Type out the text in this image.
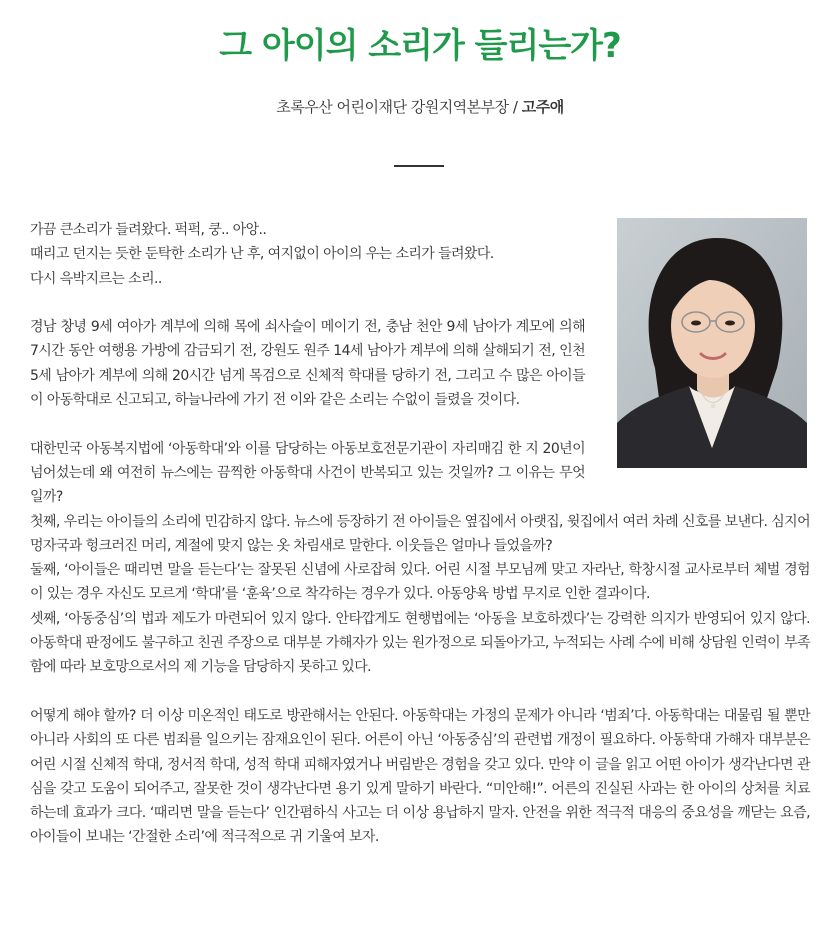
그 아이의 소리가 들리는가?
초록우산 어린이재단 강원지역본부장 / 고주애

가끔 큰소리가 들려왔다. 퍽퍽, 쿵.. 아앙..

때리고 던지는 듯한 둔탁한 소리가 난 후, 여지없이 아이의 우는 소리가 들려왔다.

다시 윽박지르는 소리..

경남 창녕 9세 여아가 계부에 의해 목에 쇠사슬이 메이기 전, 충남 천안 9세 남아가 계모에 의해 7시간 동안 여행용 가방에 감금되기 전, 강원도 원주 14세 남아가 계부에 의해 살해되기 전, 인천 5세 남아가 계부에 의해 20시간 넘게 목검으로 신체적 학대를 당하기 전, 그리고 수 많은 아이들이 아동학대로 신고되고, 하늘나라에 가기 전 이와 같은 소리는 수없이 들렸을 것이다.

대한민국 아동복지법에 ‘아동학대’와 이를 담당하는 아동보호전문기관이 자리매김 한 지 20년이 넘어섰는데 왜 여전히 뉴스에는 끔찍한 아동학대 사건이 반복되고 있는 것일까? 그 이유는 무엇일까?

첫째, 우리는 아이들의 소리에 민감하지 않다. 뉴스에 등장하기 전 아이들은 옆집에서 아랫집, 윗집에서 여러 차례 신호를 보낸다. 심지어 멍자국과 헝크러진 머리, 계절에 맞지 않는 옷 차림새로 말한다. 이웃들은 얼마나 들었을까?

둘째, ‘아이들은 때리면 말을 듣는다’는 잘못된 신념에 사로잡혀 있다. 어린 시절 부모님께 맞고 자라난, 학창시절 교사로부터 체벌 경험이 있는 경우 자신도 모르게 ‘학대’를 ‘훈육’으로 착각하는 경우가 있다. 아동양육 방법 무지로 인한 결과이다.

셋째, ‘아동중심’의 법과 제도가 마련되어 있지 않다. 안타깝게도 현행법에는 ‘아동을 보호하겠다’는 강력한 의지가 반영되어 있지 않다. 아동학대 판정에도 불구하고 친권 주장으로 대부분 가해자가 있는 원가정으로 되돌아가고, 누적되는 사례 수에 비해 상담원 인력이 부족함에 따라 보호망으로서의 제 기능을 담당하지 못하고 있다.

어떻게 해야 할까? 더 이상 미온적인 태도로 방관해서는 안된다. 아동학대는 가정의 문제가 아니라 ‘범죄’다. 아동학대는 대물림 될 뿐만 아니라 사회의 또 다른 범죄를 일으키는 잠재요인이 된다. 어른이 아닌 ‘아동중심’의 관련법 개정이 필요하다. 아동학대 가해자 대부분은 어린 시절 신체적 학대, 정서적 학대, 성적 학대 피해자였거나 버림받은 경험을 갖고 있다. 만약 이 글을 읽고 어떤 아이가 생각난다면 관심을 갖고 도움이 되어주고, 잘못한 것이 생각난다면 용기 있게 말하기 바란다. “미안해!”. 어른의 진실된 사과는 한 아이의 상처를 치료하는데 효과가 크다. ‘때리면 말을 듣는다’ 인간폄하식 사고는 더 이상 용납하지 말자. 안전을 위한 적극적 대응의 중요성을 깨닫는 요즘, 아이들이 보내는 ‘간절한 소리’에 적극적으로 귀 기울여 보자.
